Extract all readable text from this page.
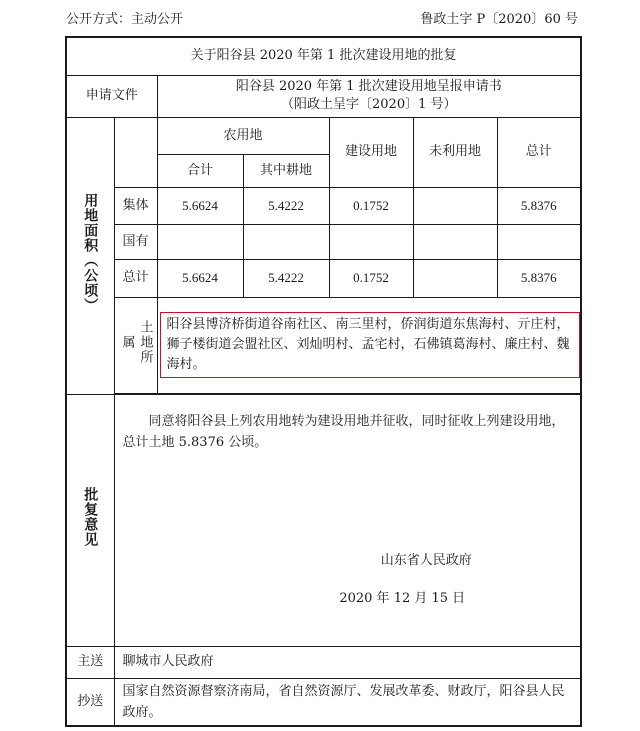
公开方式：主动公开	鲁政土字 P〔2020〕60 号
关于阳谷县 2020 年第 1 批次建设用地的批复						
申请文件		阳谷县 2020 年第 1 批次建设用地呈报申请书
（阳政土呈字〔2020〕1 号）				

用地面积（公顷）		农用地		建设用地	未利用地	总计
		合计	其中耕地			
	集体	5.6624	5.4222	0.1752		5.8376
	国有					
	总计	5.6624	5.4222	0.1752		5.8376
	土地所属	阳谷县博济桥街道谷南社区、南三里村，侨润街道东焦海村、亓庄村，狮子楼街道会盟社区、刘灿明村、孟宅村，石佛镇葛海村、廉庄村、魏海村。				

批复意见	同意将阳谷县上列农用地转为建设用地并征收，同时征收上列建设用地，总计土地 5.8376 公顷。

山东省人民政府
2020 年 12 月 15 日					

主送	聊城市人民政府					
抄送	国家自然资源督察济南局，省自然资源厅、发展改革委、财政厅，阳谷县人民政府。					
